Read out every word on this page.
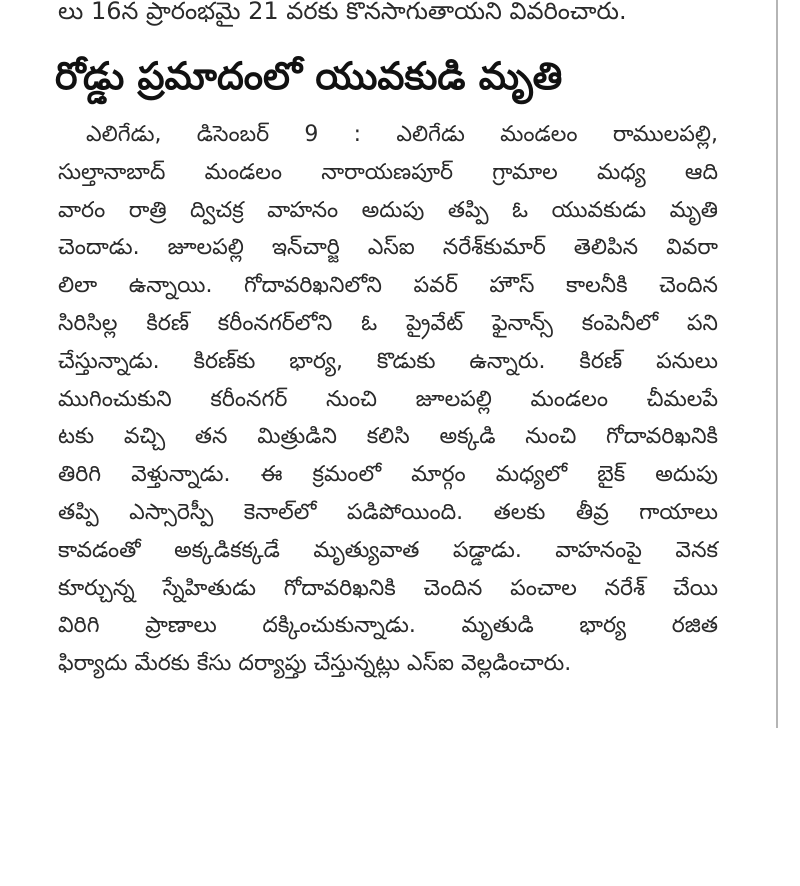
లు 16న ప్రారంభమై 21 వరకు కొనసాగుతాయని వివరించారు.
రోడ్డు ప్రమాదంలో యువకుడి మృతి
ఎలిగేడు, డిసెంబర్ 9 : ఎలిగేడు మండలం రాములపల్లి,
సుల్తానాబాద్ మండలం నారాయణపూర్ గ్రామాల మధ్య ఆది
వారం రాత్రి ద్విచక్ర వాహనం అదుపు తప్పి ఓ యువకుడు మృతి
చెందాడు. జూలపల్లి ఇన్‌చార్జి ఎస్ఐ నరేశ్‌కుమార్ తెలిపిన వివరా
లిలా ఉన్నాయి. గోదావరిఖనిలోని పవర్ హౌస్ కాలనీకి చెందిన
సిరిసిల్ల కిరణ్ కరీంనగర్‌లోని ఓ ప్రైవేట్ ఫైనాన్స్ కంపెనీలో పని
చేస్తున్నాడు. కిరణ్‌కు భార్య, కొడుకు ఉన్నారు. కిరణ్ పనులు
ముగించుకుని కరీంనగర్ నుంచి జూలపల్లి మండలం చీమలపే
టకు వచ్చి తన మిత్రుడిని కలిసి అక్కడి నుంచి గోదావరిఖనికి
తిరిగి వెళ్తున్నాడు. ఈ క్రమంలో మార్గం మధ్యలో బైక్ అదుపు
తప్పి ఎస్సారెస్పీ కెనాల్‌లో పడిపోయింది. తలకు తీవ్ర గాయాలు
కావడంతో అక్కడికక్కడే మృత్యువాత పడ్డాడు. వాహనంపై వెనక
కూర్చున్న స్నేహితుడు గోదావరిఖనికి చెందిన పంచాల నరేశ్ చేయి
విరిగి ప్రాణాలు దక్కించుకున్నాడు. మృతుడి భార్య రజిత
ఫిర్యాదు మేరకు కేసు దర్యాప్తు చేస్తున్నట్లు ఎస్ఐ వెల్లడించారు.
